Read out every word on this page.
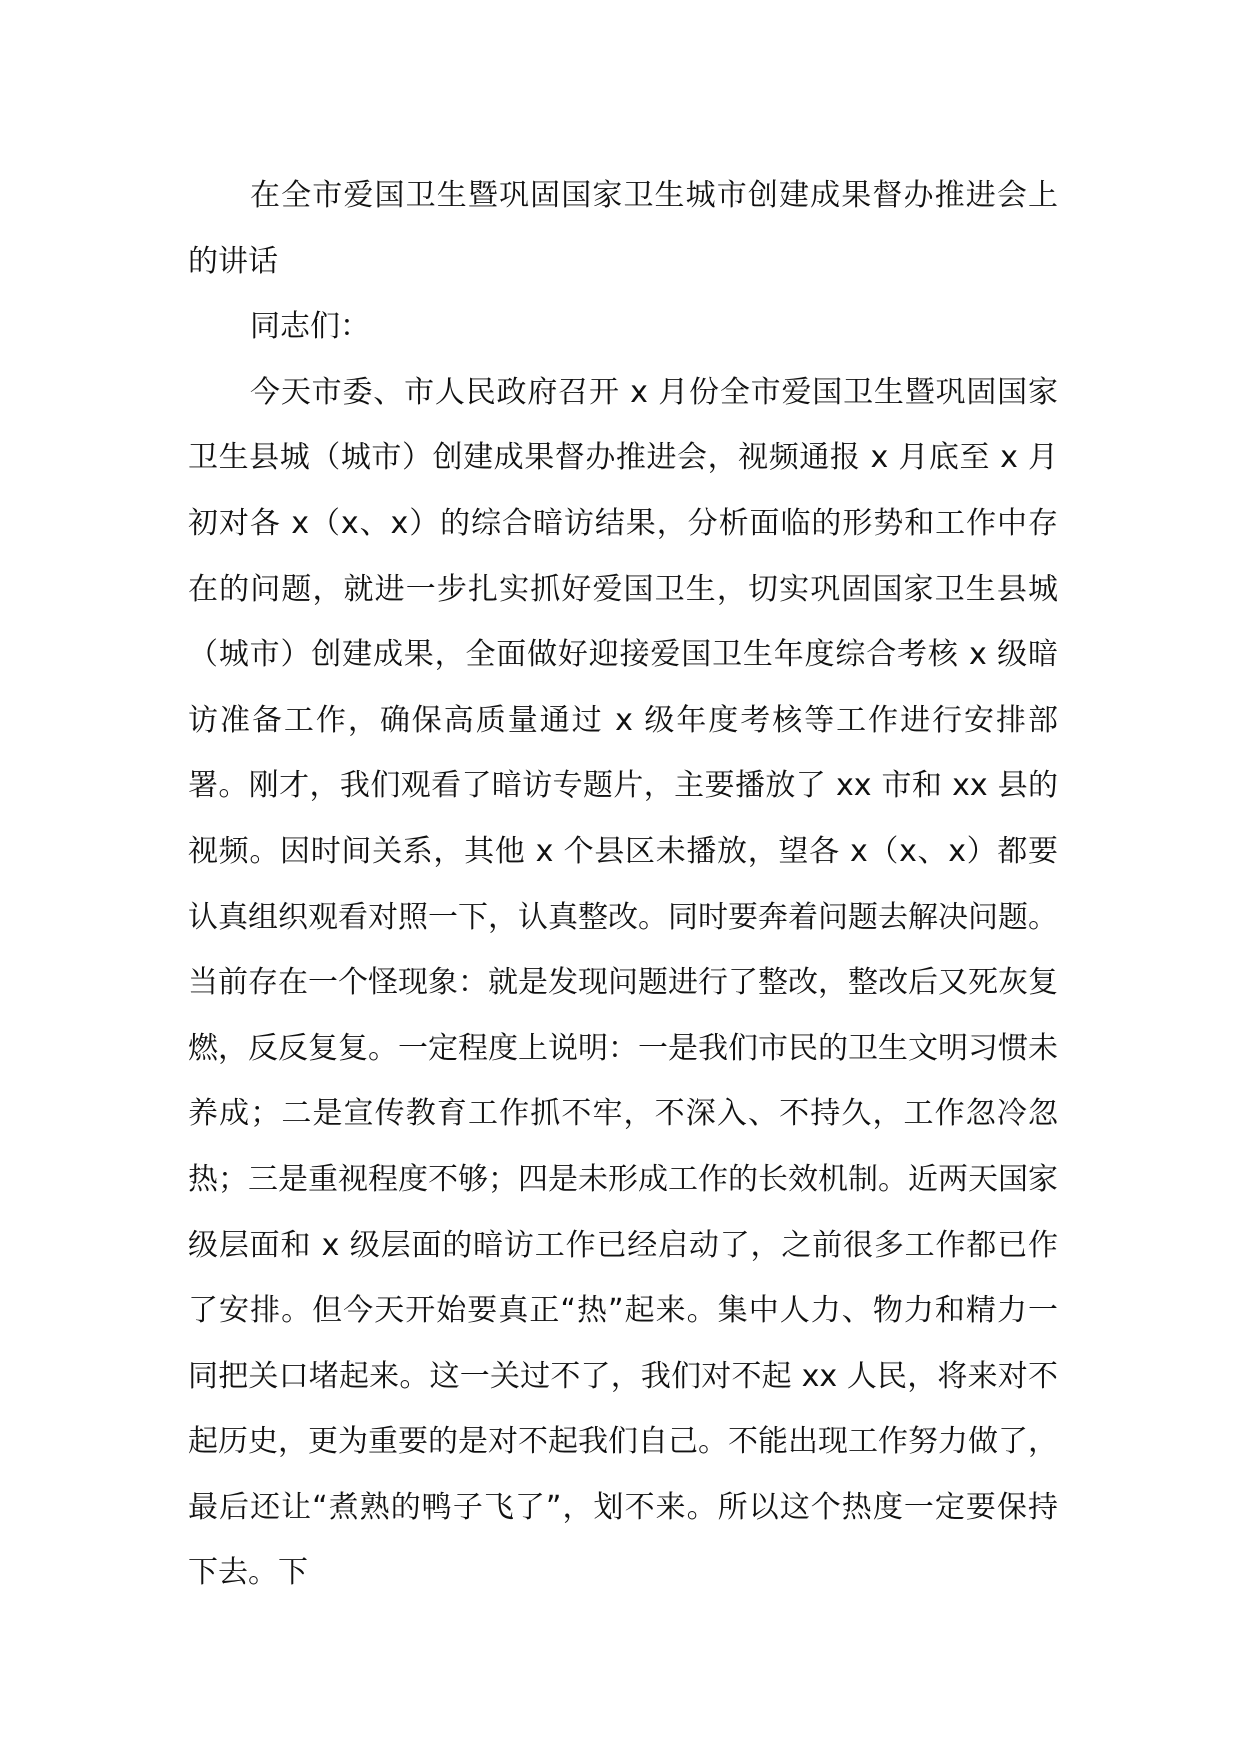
在全市爱国卫生暨巩固国家卫生城市创建成果督办推进会上的讲话

同志们：

今天市委、市人民政府召开 x 月份全市爱国卫生暨巩固国家卫生县城（城市）创建成果督办推进会，视频通报 x 月底至 x 月初对各 x（x、x）的综合暗访结果，分析面临的形势和工作中存在的问题，就进一步扎实抓好爱国卫生，切实巩固国家卫生县城（城市）创建成果，全面做好迎接爱国卫生年度综合考核 x 级暗访准备工作，确保高质量通过 x 级年度考核等工作进行安排部署。刚才，我们观看了暗访专题片，主要播放了 xx 市和 xx 县的视频。因时间关系，其他 x 个县区未播放，望各 x（x、x）都要认真组织观看对照一下，认真整改。同时要奔着问题去解决问题。当前存在一个怪现象：就是发现问题进行了整改，整改后又死灰复燃，反反复复。一定程度上说明：一是我们市民的卫生文明习惯未养成；二是宣传教育工作抓不牢，不深入、不持久，工作忽冷忽热；三是重视程度不够；四是未形成工作的长效机制。近两天国家级层面和 x 级层面的暗访工作已经启动了，之前很多工作都已作了安排。但今天开始要真正“热”起来。集中人力、物力和精力一同把关口堵起来。这一关过不了，我们对不起 xx 人民，将来对不起历史，更为重要的是对不起我们自己。不能出现工作努力做了，最后还让“煮熟的鸭子飞了”，划不来。所以这个热度一定要保持下去。下
